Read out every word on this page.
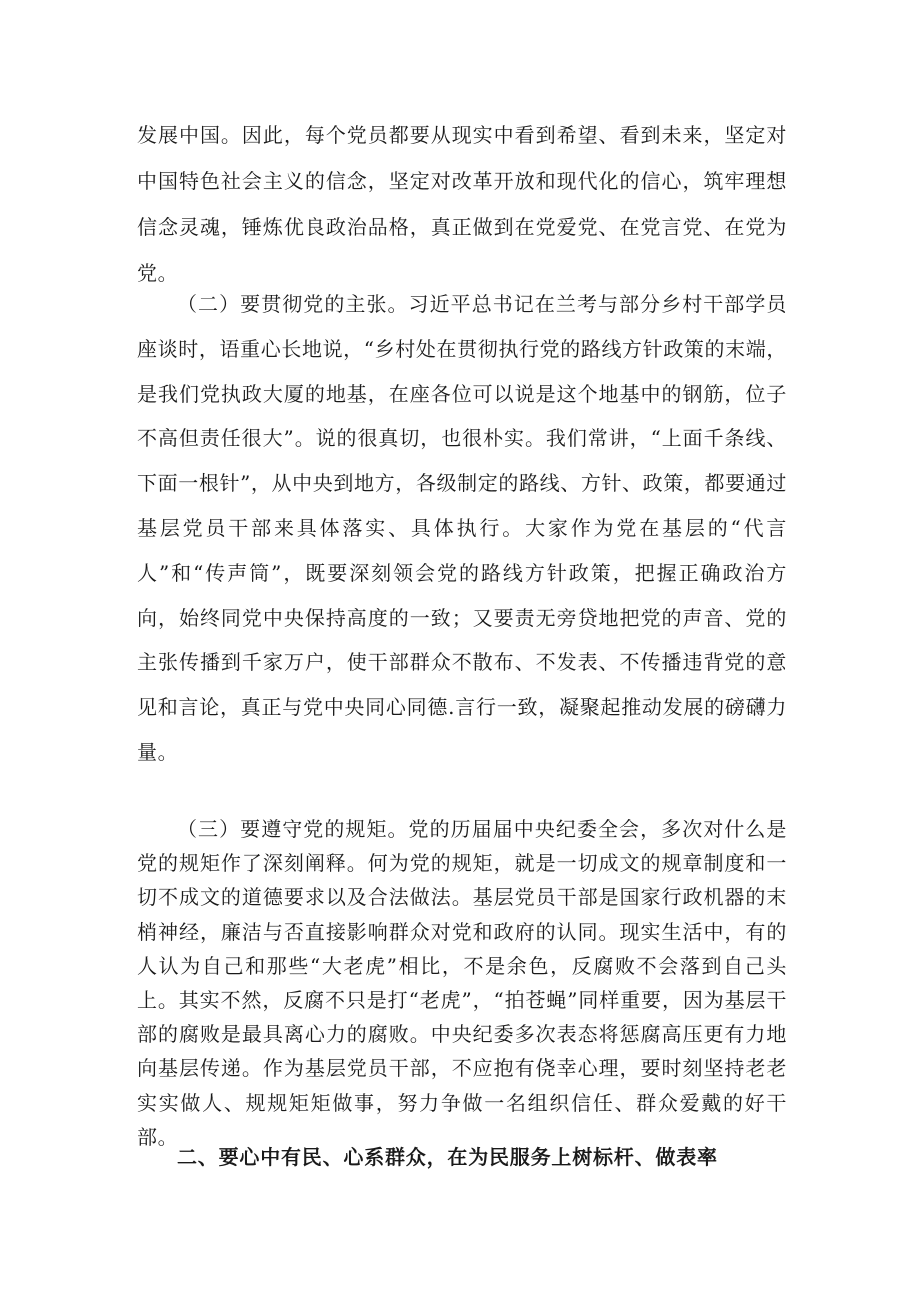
发展中国。因此，每个党员都要从现实中看到希望、看到未来，坚定对中国特色社会主义的信念，坚定对改革开放和现代化的信心，筑牢理想信念灵魂，锤炼优良政治品格，真正做到在党爱党、在党言党、在党为党。

（二）要贯彻党的主张。习近平总书记在兰考与部分乡村干部学员座谈时，语重心长地说，“乡村处在贯彻执行党的路线方针政策的末端，是我们党执政大厦的地基，在座各位可以说是这个地基中的钢筋，位子不高但责任很大”。说的很真切，也很朴实。我们常讲，“上面千条线、下面一根针”，从中央到地方，各级制定的路线、方针、政策，都要通过基层党员干部来具体落实、具体执行。大家作为党在基层的“代言人”和“传声筒”，既要深刻领会党的路线方针政策，把握正确政治方向，始终同党中央保持高度的一致；又要责无旁贷地把党的声音、党的主张传播到千家万户，使干部群众不散布、不发表、不传播违背党的意见和言论，真正与党中央同心同德.言行一致，凝聚起推动发展的磅礴力量。

（三）要遵守党的规矩。党的历届届中央纪委全会，多次对什么是党的规矩作了深刻阐释。何为党的规矩，就是一切成文的规章制度和一切不成文的道德要求以及合法做法。基层党员干部是国家行政机器的末梢神经，廉洁与否直接影响群众对党和政府的认同。现实生活中，有的人认为自己和那些“大老虎”相比，不是余色，反腐败不会落到自己头上。其实不然，反腐不只是打“老虎”，“拍苍蝇”同样重要，因为基层干部的腐败是最具离心力的腐败。中央纪委多次表态将惩腐高压更有力地向基层传递。作为基层党员干部，不应抱有侥幸心理，要时刻坚持老老实实做人、规规矩矩做事，努力争做一名组织信任、群众爱戴的好干部。

二、要心中有民、心系群众，在为民服务上树标杆、做表率
